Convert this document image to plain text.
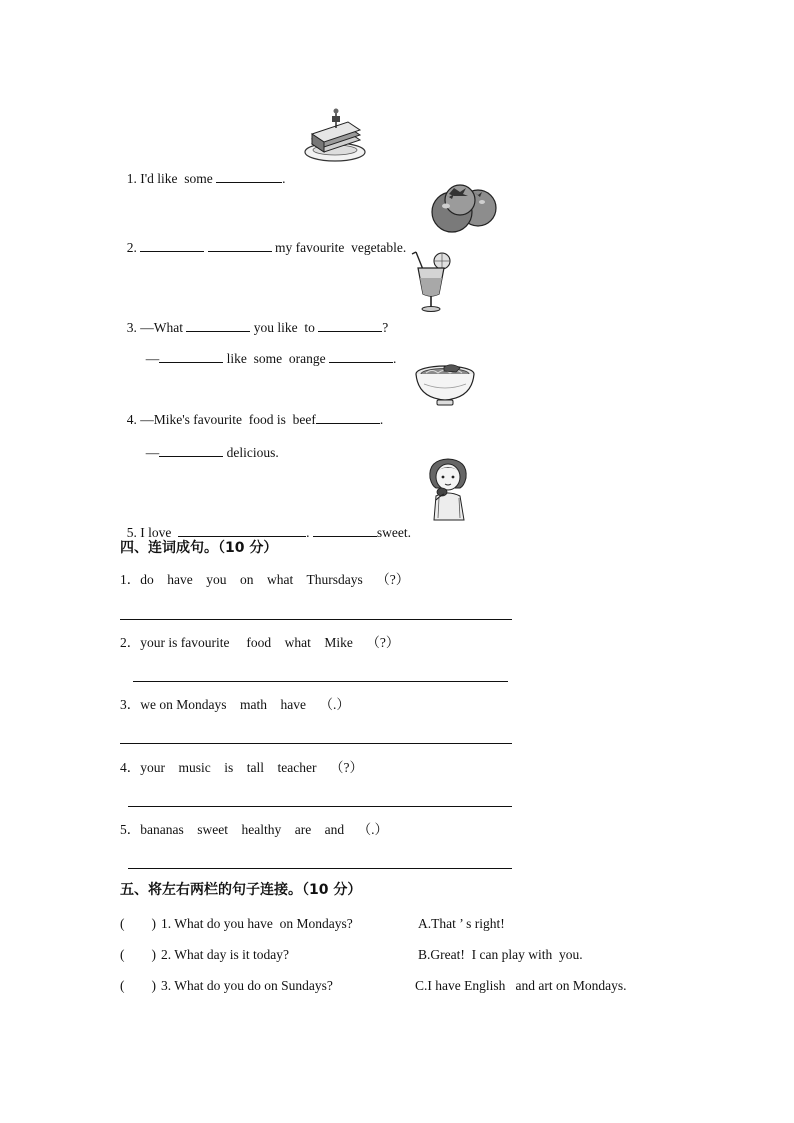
1. I'd like  some	.

2.	my favourite  vegetable.

3. —What	you like  to	?

—	like  some  orange	.

4. —Mike's favourite  food is  beef	.

—	delicious.

5. I love	.	sweet.

四、连词成句。（10 分）
1．do    have    you    on    what    Thursdays    （?）
2．your is favourite     food    what    Mike    （?）
3．we on Mondays    math    have    （.）
4．your    music    is    tall    teacher    （?）
5．bananas    sweet    healthy    are    and    （.）
五、将左右两栏的句子连接。（10 分）
(        ) 1. What do you have  on Mondays?	A.That ’ s right!
(        ) 2. What day is it today?	B.Great!  I can play with  you.
(        ) 3. What do you do on Sundays?	C.I have English   and art on Mondays.
